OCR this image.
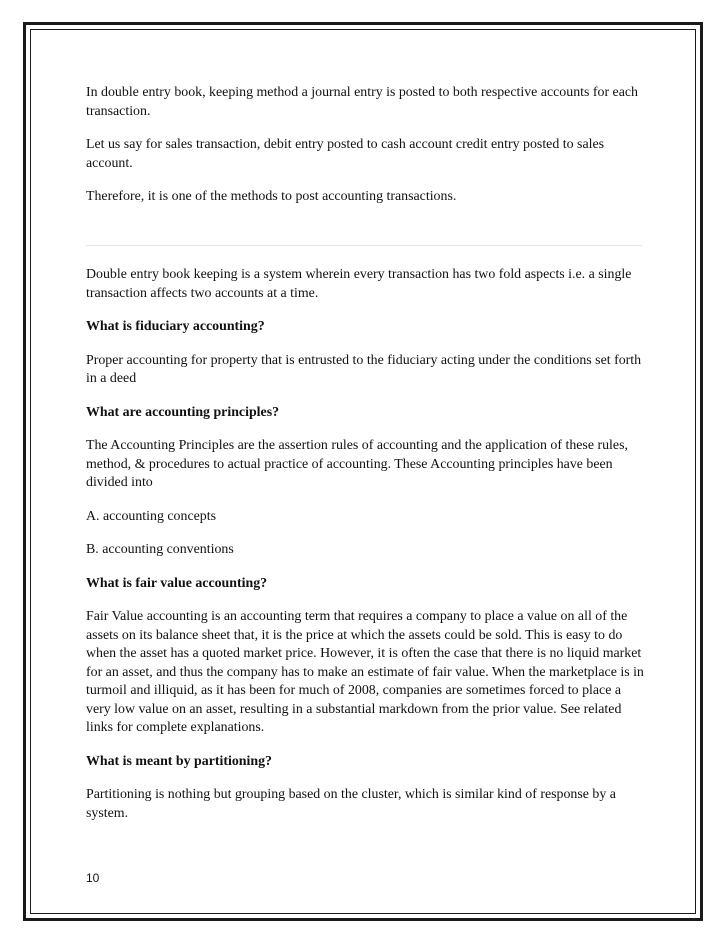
In double entry book, keeping method a journal entry is posted to both respective accounts for each transaction.

Let us say for sales transaction, debit entry posted to cash account credit entry posted to sales account.

Therefore, it is one of the methods to post accounting transactions.

Double entry book keeping is a system wherein every transaction has two fold aspects i.e. a single transaction affects two accounts at a time.

What is fiduciary accounting?

Proper accounting for property that is entrusted to the fiduciary acting under the conditions set forth in a deed

What are accounting principles?

The Accounting Principles are the assertion rules of accounting and the application of these rules, method, & procedures to actual practice of accounting. These Accounting principles have been divided into

A. accounting concepts

B. accounting conventions

What is fair value accounting?

Fair Value accounting is an accounting term that requires a company to place a value on all of the assets on its balance sheet that, it is the price at which the assets could be sold. This is easy to do when the asset has a quoted market price. However, it is often the case that there is no liquid market for an asset, and thus the company has to make an estimate of fair value. When the marketplace is in turmoil and illiquid, as it has been for much of 2008, companies are sometimes forced to place a very low value on an asset, resulting in a substantial markdown from the prior value. See related links for complete explanations.

What is meant by partitioning?

Partitioning is nothing but grouping based on the cluster, which is similar kind of response by a system.

10
